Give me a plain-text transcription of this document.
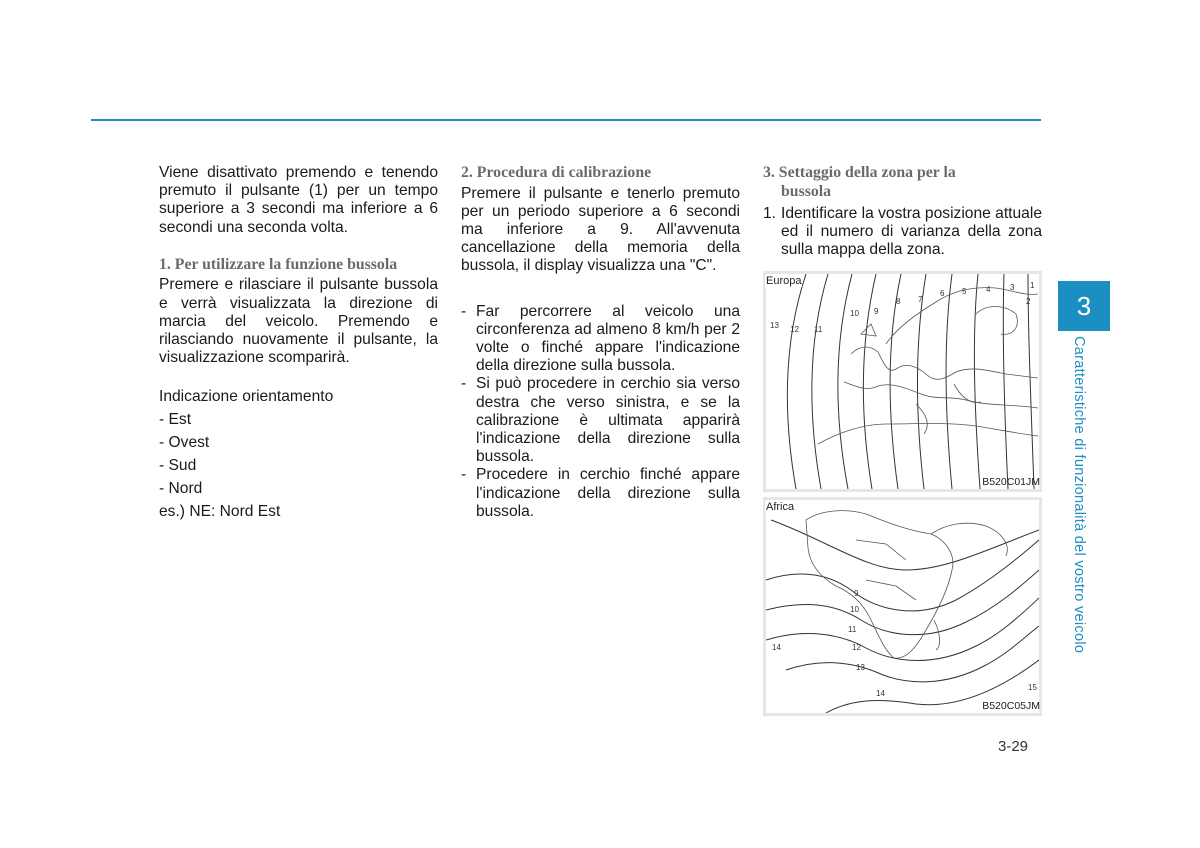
Viene disattivato premendo e tenendo premuto il pulsante (1) per un tempo superiore a 3 secondi ma inferiore a 6 secondi una seconda volta.

1. Per utilizzare la funzione bussola

Premere e rilasciare il pulsante bussola e verrà visualizzata la direzione di marcia del veicolo. Premendo e rilasciando nuovamente il pulsante, la visualizzazione scomparirà.

Indicazione orientamento

- Est

- Ovest

- Sud

- Nord

es.) NE: Nord Est

2. Procedura di calibrazione

Premere il pulsante e tenerlo premuto per un periodo superiore a 6 secondi ma inferiore a 9. All'avvenuta cancellazione della memoria della bussola, il display visualizza una "C".

- Far percorrere al veicolo una circonferenza ad almeno 8 km/h per 2 volte o finché appare l'indicazione della direzione sulla bussola.

- Si può procedere in cerchio sia verso destra che verso sinistra, e se la calibrazione è ultimata apparirà l'indicazione della direzione sulla bussola.

- Procedere in cerchio finché appare l'indicazione della direzione sulla bussola.

3. Settaggio della zona per la
bussola

1. Identificare la vostra posizione attuale ed il numero di varianza della zona sulla mappa della zona.

13 12 11
10 9
8 7
6 5 4 3
2
1
Europa
B520C01JM
9
10
11
12
13
14
14
15
Africa
B520C05JM
3
Caratteristiche di funzionalità del vostro veicolo
3-29
